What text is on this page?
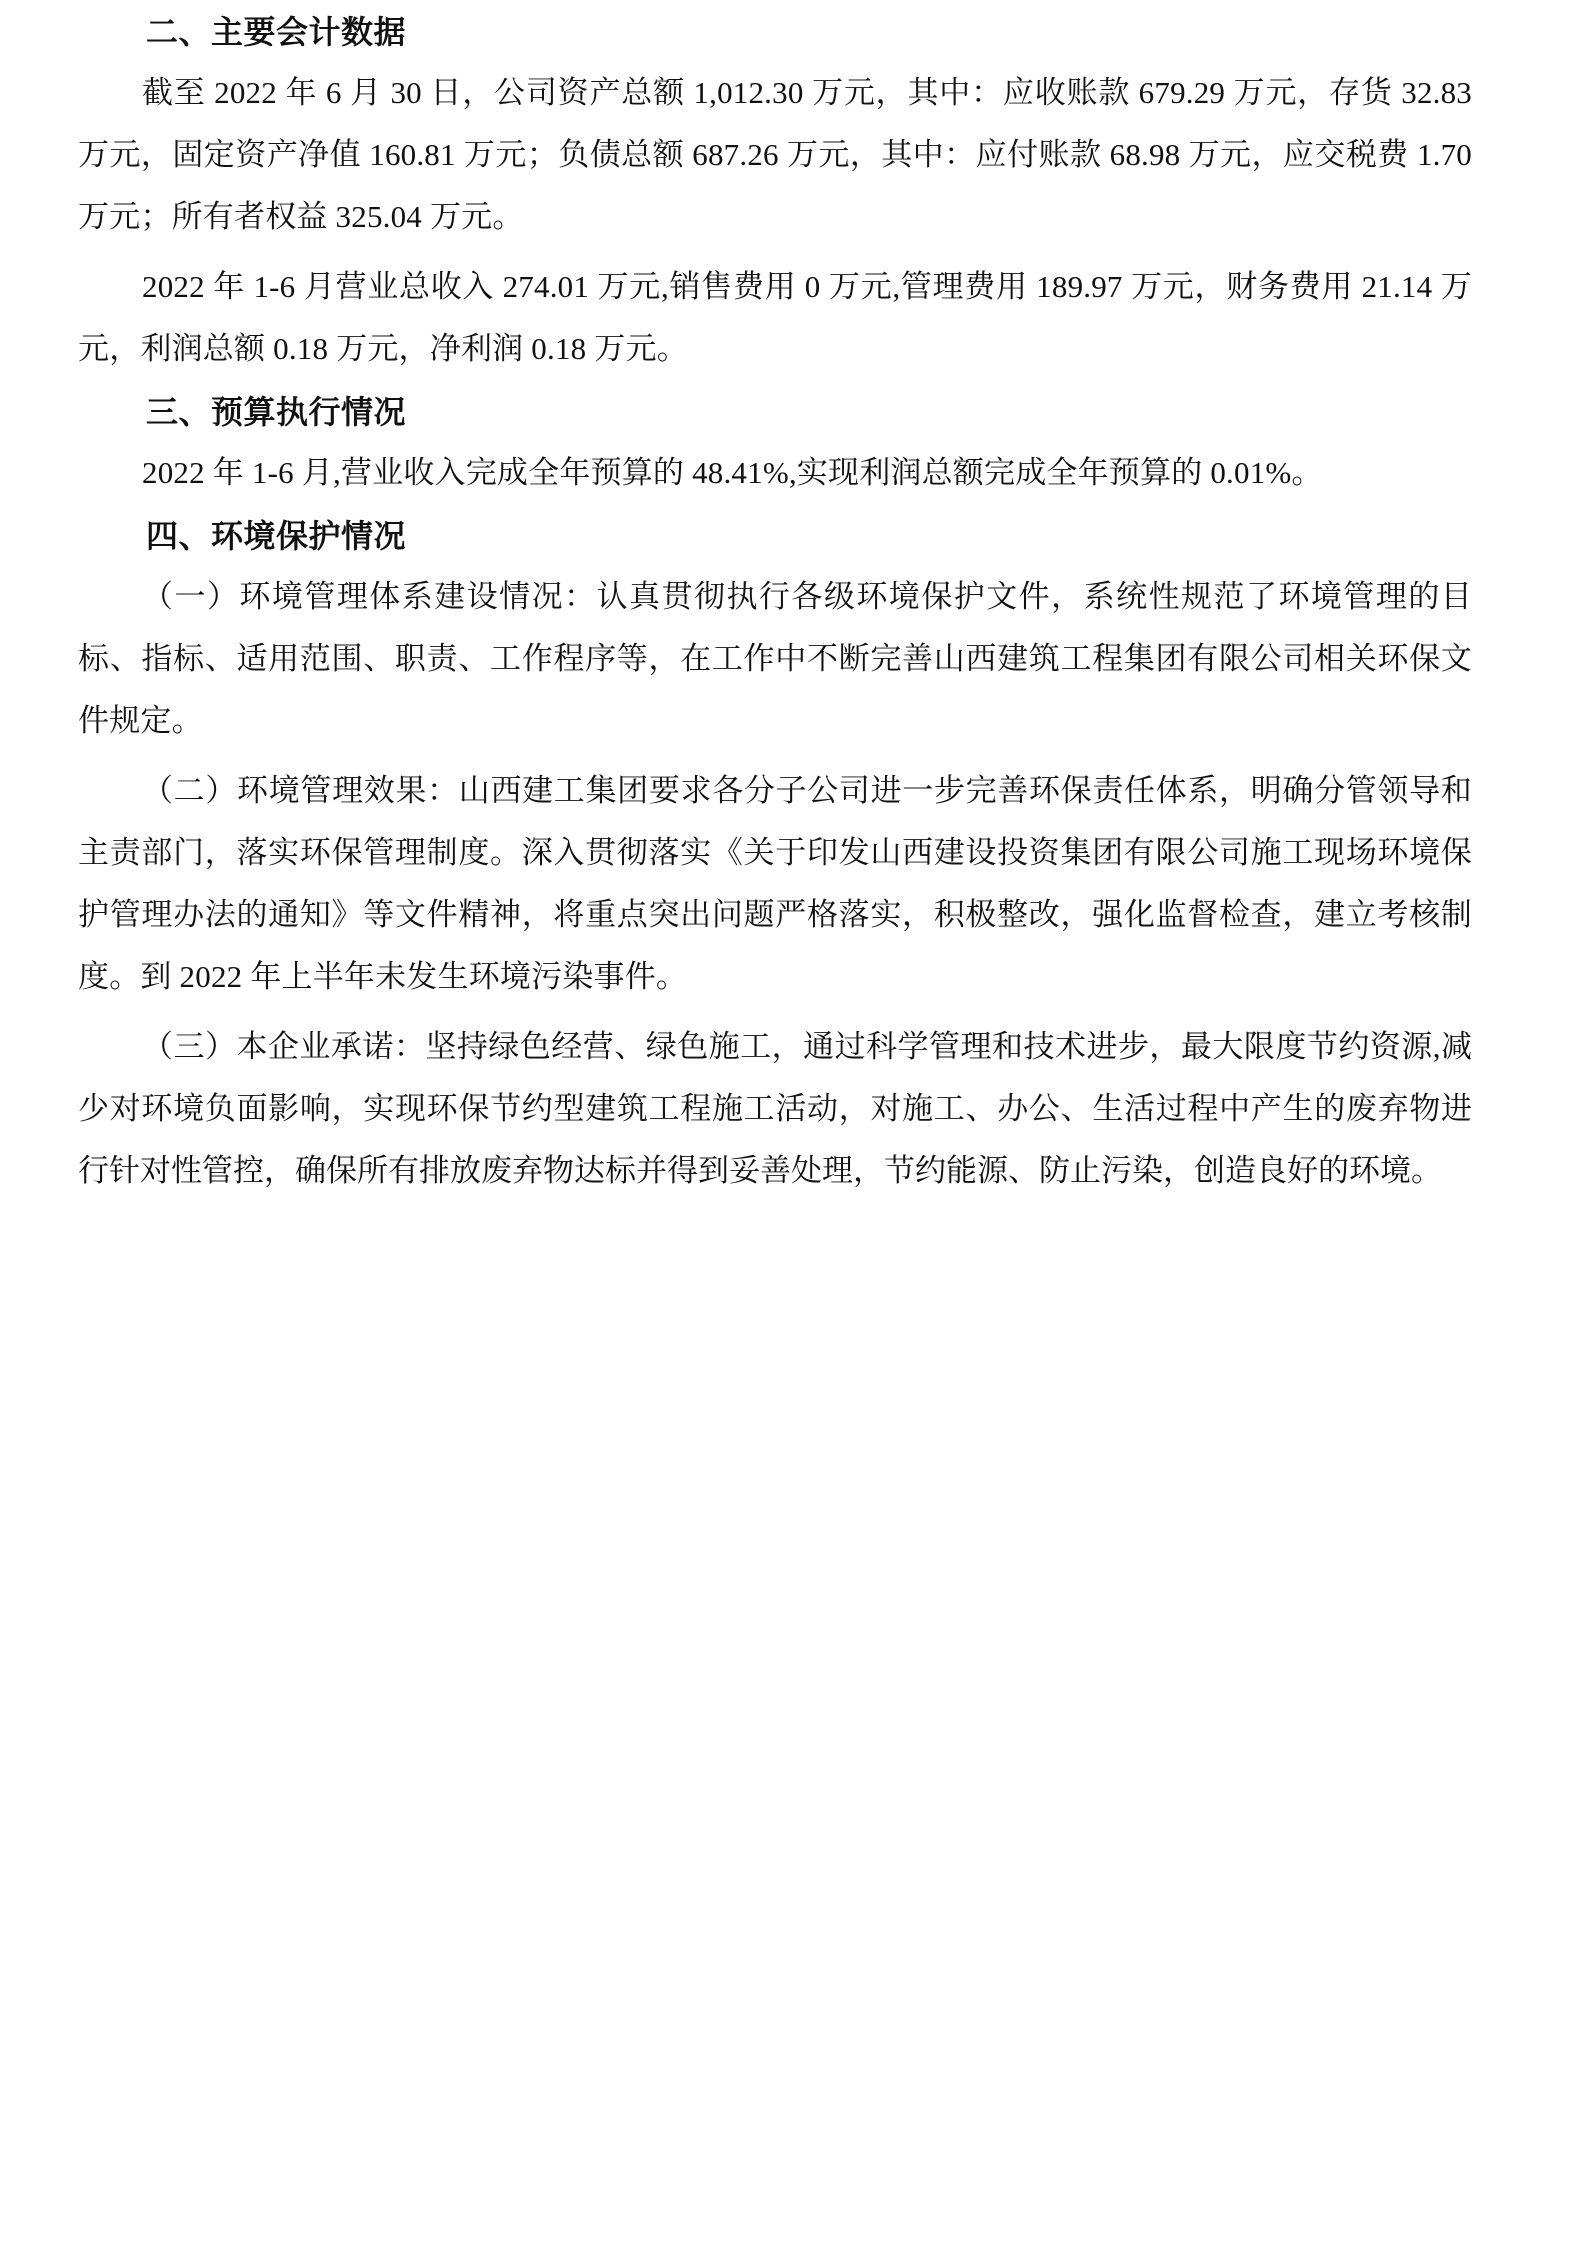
二、主要会计数据

截至 2022 年 6 月 30 日，公司资产总额 1,012.30 万元，其中：应收账款 679.29 万元，存货 32.83 万元，固定资产净值 160.81 万元；负债总额 687.26 万元，其中：应付账款 68.98 万元，应交税费 1.70 万元；所有者权益 325.04 万元。

2022 年 1-6 月营业总收入 274.01 万元,销售费用 0 万元,管理费用 189.97 万元，财务费用 21.14 万元，利润总额 0.18 万元，净利润 0.18 万元。

三、预算执行情况

2022 年 1-6 月,营业收入完成全年预算的 48.41%,实现利润总额完成全年预算的 0.01%。

四、环境保护情况

（一）环境管理体系建设情况：认真贯彻执行各级环境保护文件，系统性规范了环境管理的目标、指标、适用范围、职责、工作程序等，在工作中不断完善山西建筑工程集团有限公司相关环保文件规定。

（二）环境管理效果：山西建工集团要求各分子公司进一步完善环保责任体系，明确分管领导和主责部门，落实环保管理制度。深入贯彻落实《关于印发山西建设投资集团有限公司施工现场环境保护管理办法的通知》等文件精神，将重点突出问题严格落实，积极整改，强化监督检查，建立考核制度。到 2022 年上半年未发生环境污染事件。

（三）本企业承诺：坚持绿色经营、绿色施工，通过科学管理和技术进步，最大限度节约资源,减少对环境负面影响，实现环保节约型建筑工程施工活动，对施工、办公、生活过程中产生的废弃物进行针对性管控，确保所有排放废弃物达标并得到妥善处理，节约能源、防止污染，创造良好的环境。
